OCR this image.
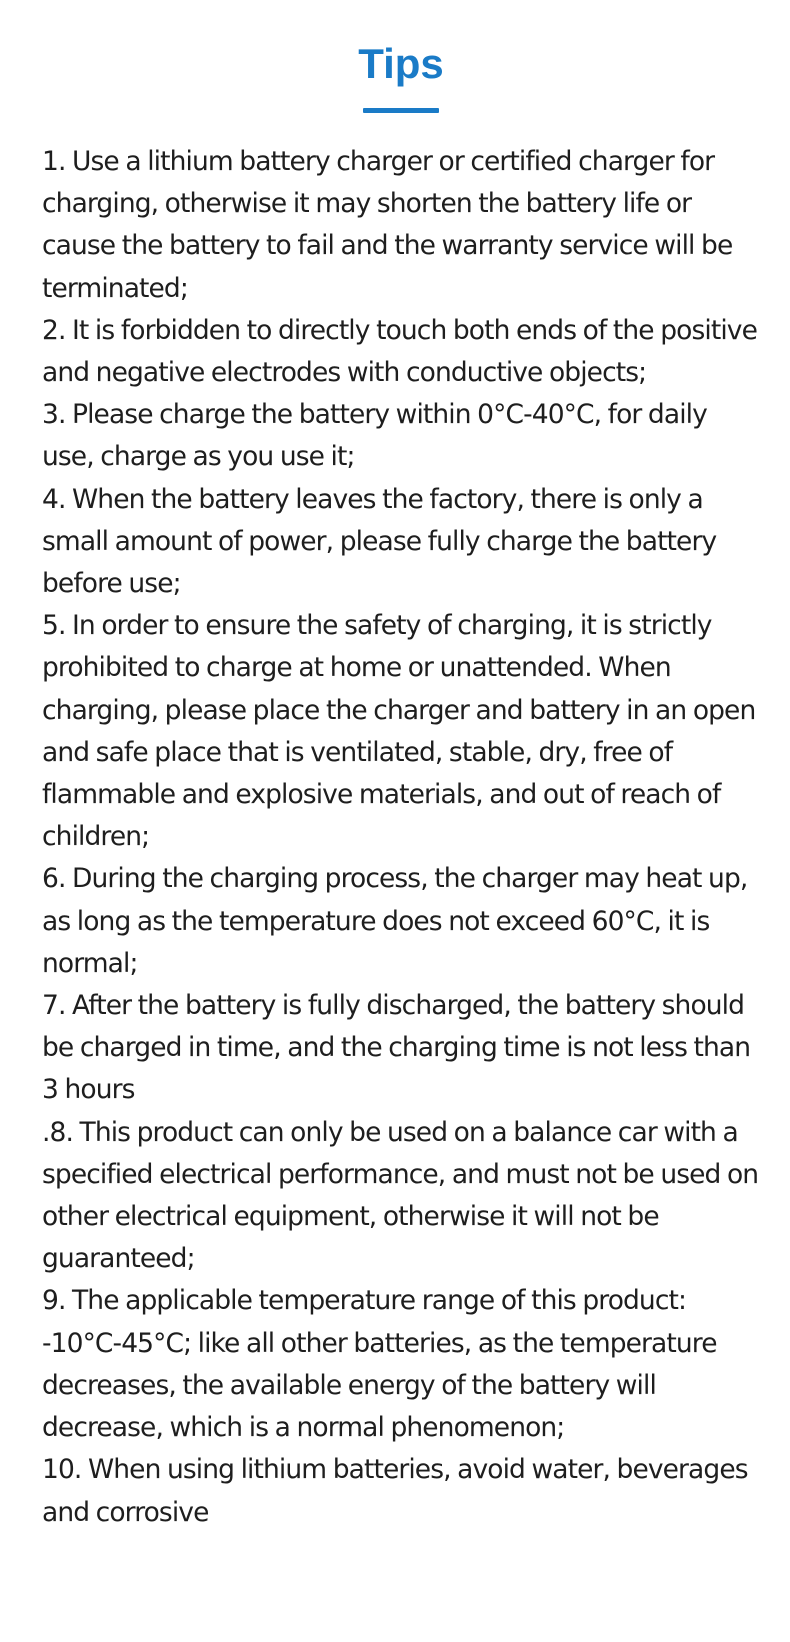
Tips

1. Use a lithium battery charger or certified charger for charging, otherwise it may shorten the battery life or cause the battery to fail and the warranty service will be terminated;

2. It is forbidden to directly touch both ends of the positive and negative electrodes with conductive objects;

3. Please charge the battery within 0°C-40°C, for daily use, charge as you use it;

4. When the battery leaves the factory, there is only a small amount of power, please fully charge the battery before use;

5. In order to ensure the safety of charging, it is strictly prohibited to charge at home or unattended. When charging, please place the charger and battery in an open and safe place that is ventilated, stable, dry, free of flammable and explosive materials, and out of reach of children;

6. During the charging process, the charger may heat up, as long as the temperature does not exceed 60°C, it is normal;

7. After the battery is fully discharged, the battery should be charged in time, and the charging time is not less than 3 hours

.8. This product can only be used on a balance car with a specified electrical performance, and must not be used on other electrical equipment, otherwise it will not be guaranteed;

9. The applicable temperature range of this product: -10°C-45°C; like all other batteries, as the temperature decreases, the available energy of the battery will decrease, which is a normal phenomenon;

10. When using lithium batteries, avoid water, beverages and corrosive
